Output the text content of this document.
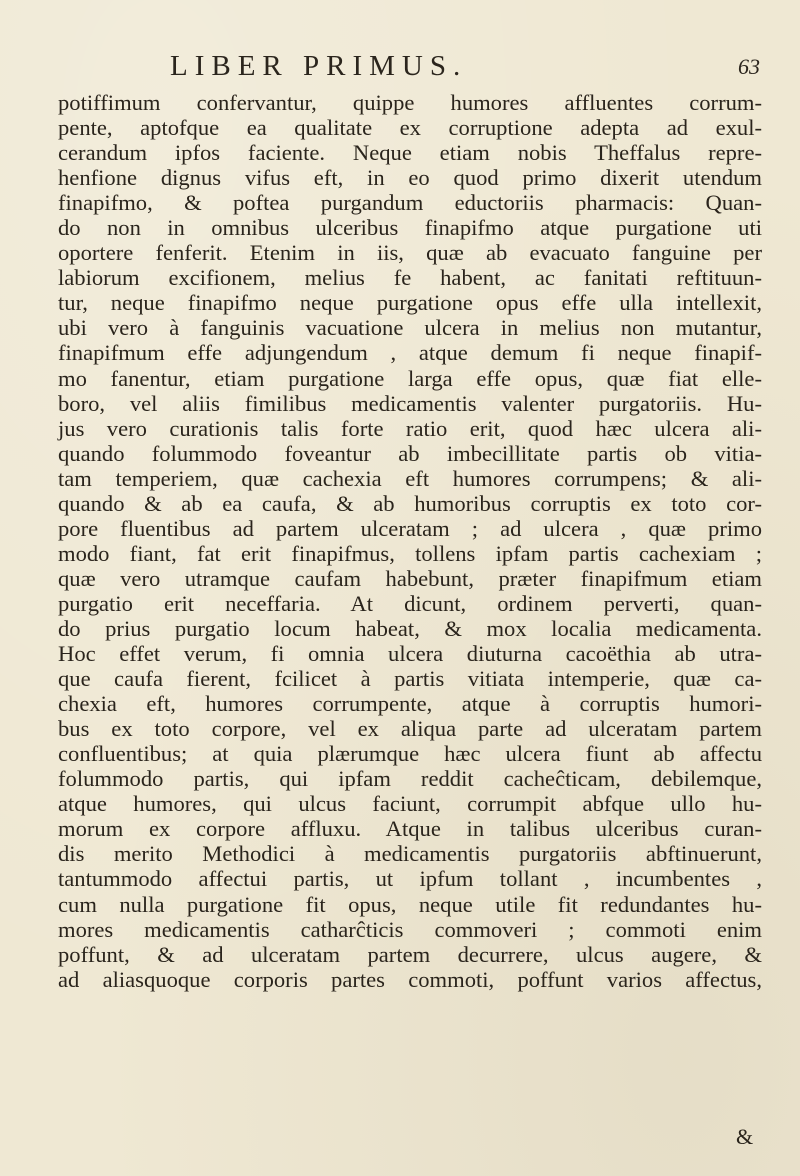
LIBER PRIMUS.	63
potiffimum confervantur, quippe humores affluentes corrum-
pente, aptofque ea qualitate ex corruptione adepta ad exul-
cerandum ipfos faciente. Neque etiam nobis Theffalus repre-
henfione dignus vifus eft, in eo quod primo dixerit utendum
finapifmo, & poftea purgandum eductoriis pharmacis: Quan-
do non in omnibus ulceribus finapifmo atque purgatione uti
oportere fenferit. Etenim in iis, quæ ab evacuato fanguine per
labiorum excifionem, melius fe habent, ac fanitati reftituun-
tur, neque finapifmo neque purgatione opus effe ulla intellexit,
ubi vero à fanguinis vacuatione ulcera in melius non mutantur,
finapifmum effe adjungendum , atque demum fi neque finapif-
mo fanentur, etiam purgatione larga effe opus, quæ fiat elle-
boro, vel aliis fimilibus medicamentis valenter purgatoriis. Hu-
jus vero curationis talis forte ratio erit, quod hæc ulcera ali-
quando folummodo foveantur ab imbecillitate partis ob vitia-
tam temperiem, quæ cachexia eft humores corrumpens; & ali-
quando & ab ea caufa, & ab humoribus corruptis ex toto cor-
pore fluentibus ad partem ulceratam ; ad ulcera , quæ primo
modo fiant, fat erit finapifmus, tollens ipfam partis cachexiam ;
quæ vero utramque caufam habebunt, præter finapifmum etiam
purgatio erit neceffaria. At dicunt, ordinem perverti, quan-
do prius purgatio locum habeat, & mox localia medicamenta.
Hoc effet verum, fi omnia ulcera diuturna cacoëthia ab utra-
que caufa fierent, fcilicet à partis vitiata intemperie, quæ ca-
chexia eft, humores corrumpente, atque à corruptis humori-
bus ex toto corpore, vel ex aliqua parte ad ulceratam partem
confluentibus; at quia plærumque hæc ulcera fiunt ab affectu
folummodo partis, qui ipfam reddit cacheĉticam, debilemque,
atque humores, qui ulcus faciunt, corrumpit abfque ullo hu-
morum ex corpore affluxu. Atque in talibus ulceribus curan-
dis merito Methodici à medicamentis purgatoriis abftinuerunt,
tantummodo affectui partis, ut ipfum tollant , incumbentes ,
cum nulla purgatione fit opus, neque utile fit redundantes hu-
mores medicamentis catharĉticis commoveri ; commoti enim
poffunt, & ad ulceratam partem decurrere, ulcus augere, &
ad aliasquoque corporis partes commoti, poffunt varios affectus,
&
